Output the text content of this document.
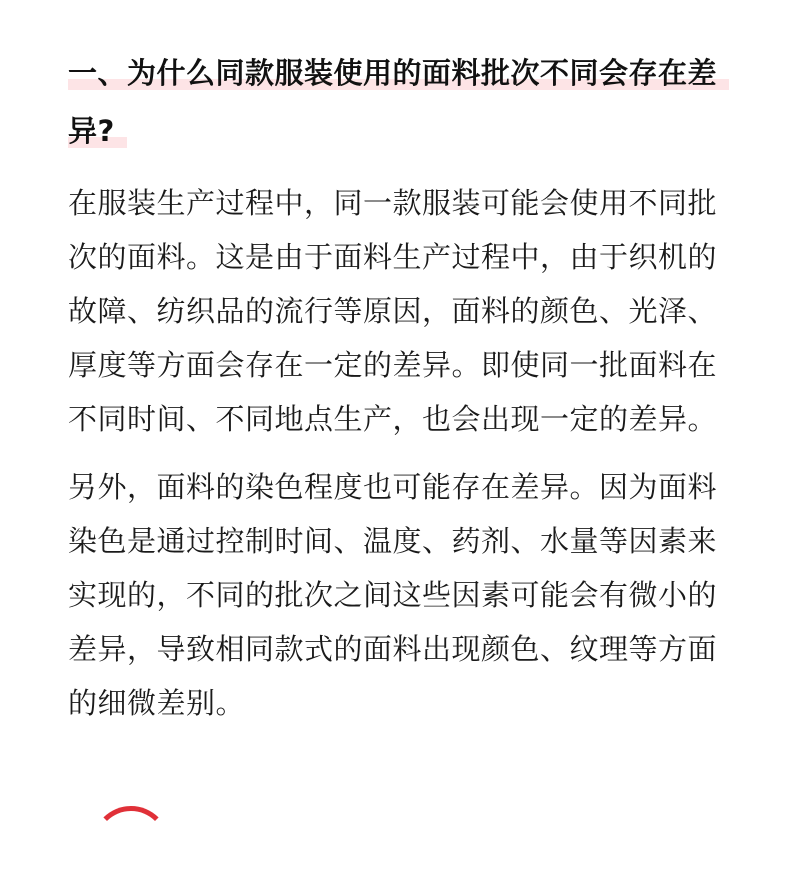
一、为什么同款服装使用的面料批次不同会存在差异?

在服装生产过程中，同一款服装可能会使用不同批次的面料。这是由于面料生产过程中，由于织机的故障、纺织品的流行等原因，面料的颜色、光泽、厚度等方面会存在一定的差异。即使同一批面料在不同时间、不同地点生产，也会出现一定的差异。

另外，面料的染色程度也可能存在差异。因为面料染色是通过控制时间、温度、药剂、水量等因素来实现的，不同的批次之间这些因素可能会有微小的差异，导致相同款式的面料出现颜色、纹理等方面的细微差别。
